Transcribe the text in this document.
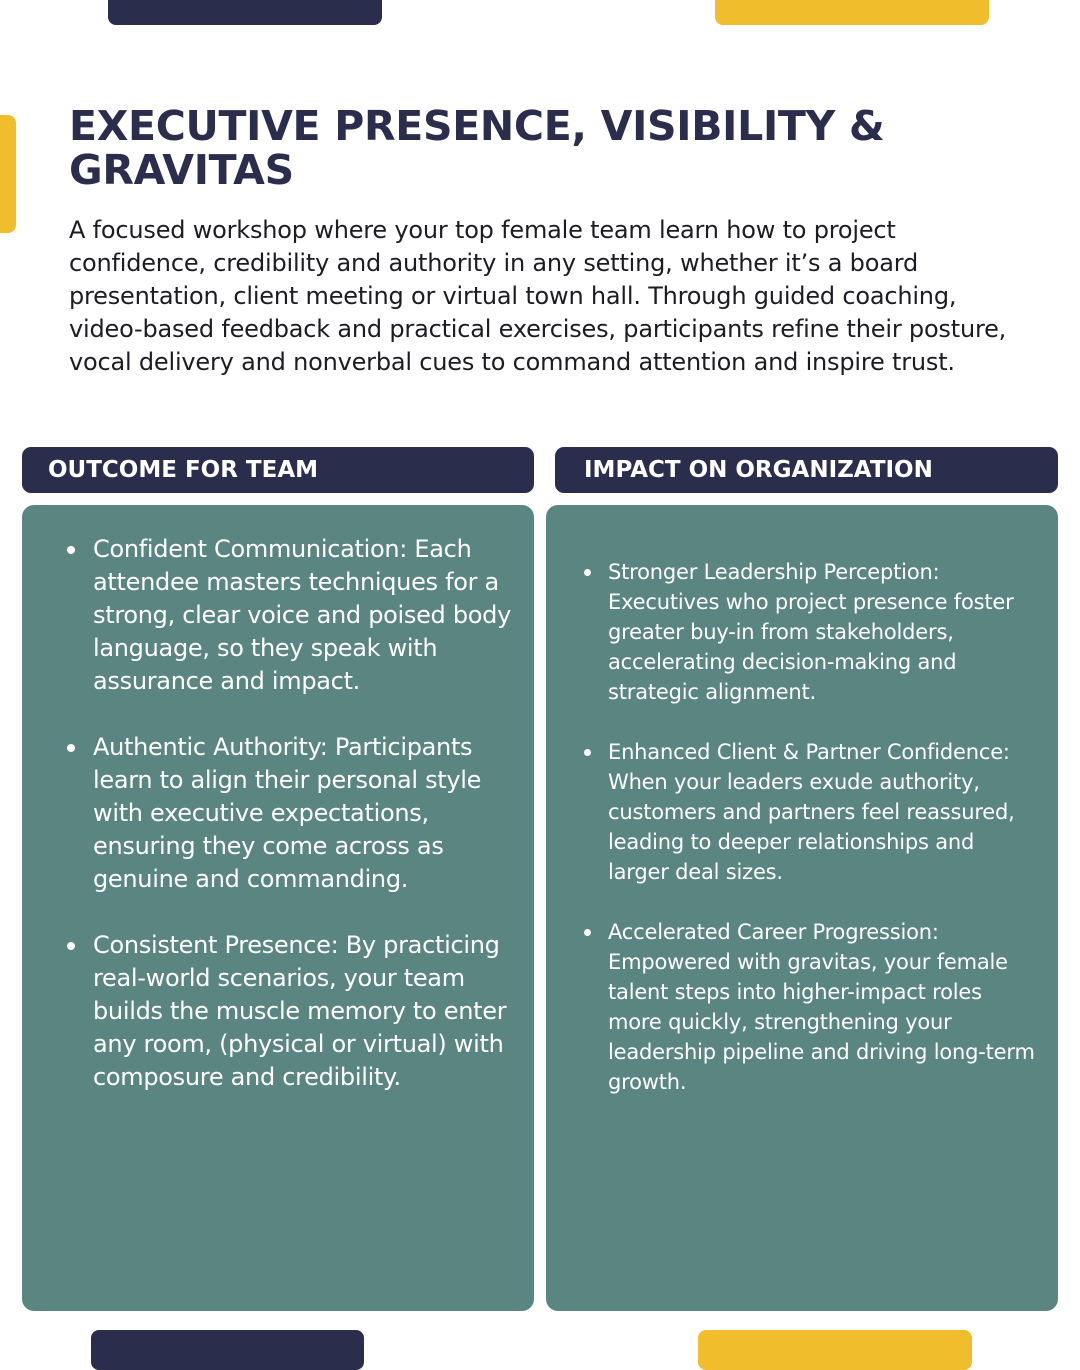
EXECUTIVE PRESENCE, VISIBILITY & GRAVITAS

A focused workshop where your top female team learn how to project confidence, credibility and authority in any setting, whether it’s a board presentation, client meeting or virtual town hall. Through guided coaching, video-based feedback and practical exercises, participants refine their posture, vocal delivery and nonverbal cues to command attention and inspire trust.

OUTCOME FOR TEAM	IMPACT ON ORGANIZATION
Confident Communication: Each attendee masters techniques for a strong, clear voice and poised body language, so they speak with assurance and impact.
Authentic Authority: Participants learn to align their personal style with executive expectations, ensuring they come across as genuine and commanding.
Consistent Presence: By practicing real-world scenarios, your team builds the muscle memory to enter any room, (physical or virtual) with composure and credibility.
Stronger Leadership Perception: Executives who project presence foster greater buy-in from stakeholders, accelerating decision-making and strategic alignment.
Enhanced Client & Partner Confidence: When your leaders exude authority, customers and partners feel reassured, leading to deeper relationships and larger deal sizes.
Accelerated Career Progression: Empowered with gravitas, your female talent steps into higher-impact roles more quickly, strengthening your leadership pipeline and driving long-term growth.
